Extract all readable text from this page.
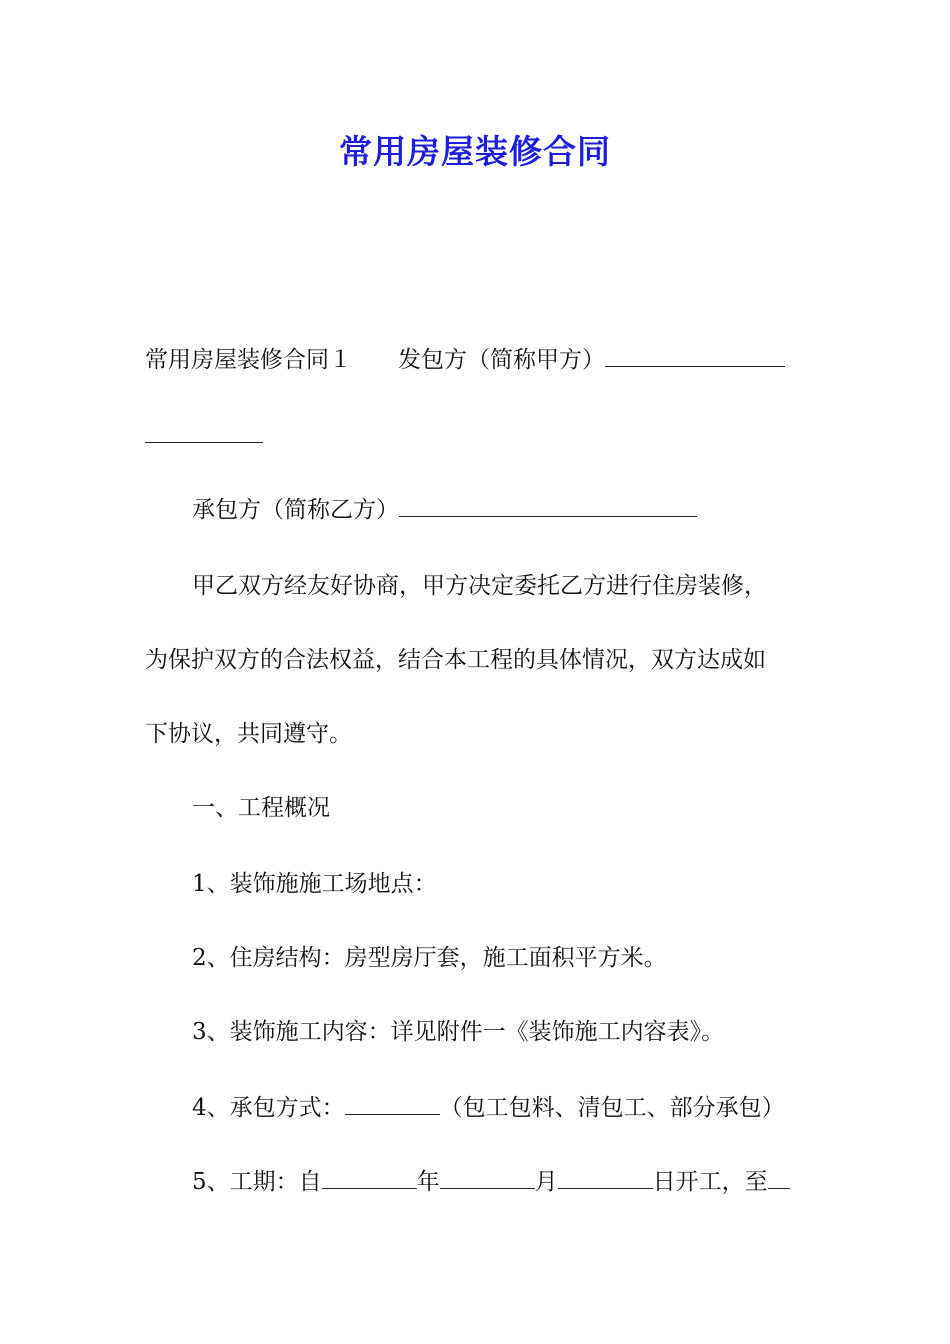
常用房屋装修合同
常用房屋装修合同１ 发包方（简称甲方）
承包方（简称乙方）
甲乙双方经友好协商，甲方决定委托乙方进行住房装修，
为保护双方的合法权益，结合本工程的具体情况，双方达成如
下协议，共同遵守。
一、工程概况
1、装饰施施工场地点：
2、住房结构：房型房厅套，施工面积平方米。
3、装饰施工内容：详见附件一《装饰施工内容表》。
4、承包方式：	（包工包料、清包工、部分承包）
5、工期：自	年	月	日开工，至
